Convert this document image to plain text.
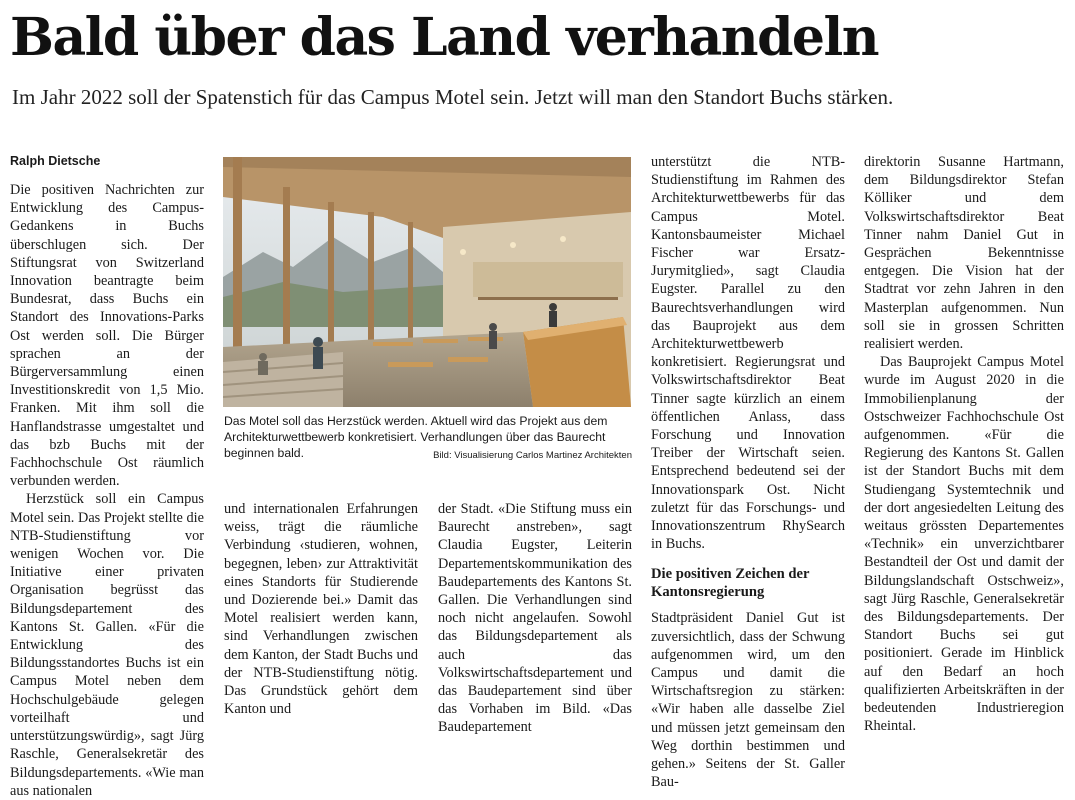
Bald über das Land verhandeln

Im Jahr 2022 soll der Spatenstich für das Campus Motel sein. Jetzt will man den Standort Buchs stärken.

Ralph Dietsche

Die positiven Nachrichten zur Entwicklung des Campus-Gedankens in Buchs überschlugen sich. Der Stiftungsrat von Switzerland Innovation beantragte beim Bundesrat, dass Buchs ein Standort des Innovations-Parks Ost werden soll. Die Bürger sprachen an der Bürgerversammlung einen Investitionskredit von 1,5 Mio. Franken. Mit ihm soll die Hanflandstrasse umgestaltet und das bzb Buchs mit der Fachhochschule Ost räumlich verbunden werden.

Herzstück soll ein Campus Motel sein. Das Projekt stellte die NTB-Studienstiftung vor wenigen Wochen vor. Die Initiative einer privaten Organisation begrüsst das Bildungsdepartement des Kantons St. Gallen. «Für die Entwicklung des Bildungsstandortes Buchs ist ein Campus Motel neben dem Hochschulgebäude gelegen vorteilhaft und unterstützungswürdig», sagt Jürg Raschle, Generalsekretär des Bildungsdepartements. «Wie man aus nationalen

Das Motel soll das Herzstück werden. Aktuell wird das Projekt aus dem Architekturwettbewerb konkretisiert. Verhandlungen über das Baurecht beginnen bald.	Bild: Visualisierung Carlos Martinez Architekten

und internationalen Erfahrungen weiss, trägt die räumliche Verbindung ‹studieren, wohnen, begegnen, leben› zur Attraktivität eines Standorts für Studierende und Dozierende bei.» Damit das Motel realisiert werden kann, sind Verhandlungen zwischen dem Kanton, der Stadt Buchs und der NTB-Studienstiftung nötig. Das Grundstück gehört dem Kanton und

der Stadt. «Die Stiftung muss ein Baurecht anstreben», sagt Claudia Eugster, Leiterin Departementskommunikation des Baudepartements des Kantons St. Gallen. Die Verhandlungen sind noch nicht angelaufen. Sowohl das Bildungsdepartement als auch das Volkswirtschaftsdepartement und das Baudepartement sind über das Vorhaben im Bild. «Das Baudepartement

unterstützt die NTB-Studienstiftung im Rahmen des Architekturwettbewerbs für das Campus Motel. Kantonsbaumeister Michael Fischer war Ersatz-Jurymitglied», sagt Claudia Eugster. Parallel zu den Baurechtsverhandlungen wird das Bauprojekt aus dem Architekturwettbewerb konkretisiert. Regierungsrat und Volkswirtschaftsdirektor Beat Tinner sagte kürzlich an einem öffentlichen Anlass, dass Forschung und Innovation Treiber der Wirtschaft seien. Entsprechend bedeutend sei der Innovationspark Ost. Nicht zuletzt für das Forschungs- und Innovationszentrum RhySearch in Buchs.

Die positiven Zeichen der Kantonsregierung

Stadtpräsident Daniel Gut ist zuversichtlich, dass der Schwung aufgenommen wird, um den Campus und damit die Wirtschaftsregion zu stärken: «Wir haben alle dasselbe Ziel und müssen jetzt gemeinsam den Weg dorthin bestimmen und gehen.» Seitens der St. Galler Bau-

direktorin Susanne Hartmann, dem Bildungsdirektor Stefan Kölliker und dem Volkswirtschaftsdirektor Beat Tinner nahm Daniel Gut in Gesprächen Bekenntnisse entgegen. Die Vision hat der Stadtrat vor zehn Jahren in den Masterplan aufgenommen. Nun soll sie in grossen Schritten realisiert werden.

Das Bauprojekt Campus Motel wurde im August 2020 in die Immobilienplanung der Ostschweizer Fachhochschule Ost aufgenommen. «Für die Regierung des Kantons St. Gallen ist der Standort Buchs mit dem Studiengang Systemtechnik und der dort angesiedelten Leitung des weitaus grössten Departementes «Technik» ein unverzichtbarer Bestandteil der Ost und damit der Bildungslandschaft Ostschweiz», sagt Jürg Raschle, Generalsekretär des Bildungsdepartements. Der Standort Buchs sei gut positioniert. Gerade im Hinblick auf den Bedarf an hoch qualifizierten Arbeitskräften in der bedeutenden Industrieregion Rheintal.
